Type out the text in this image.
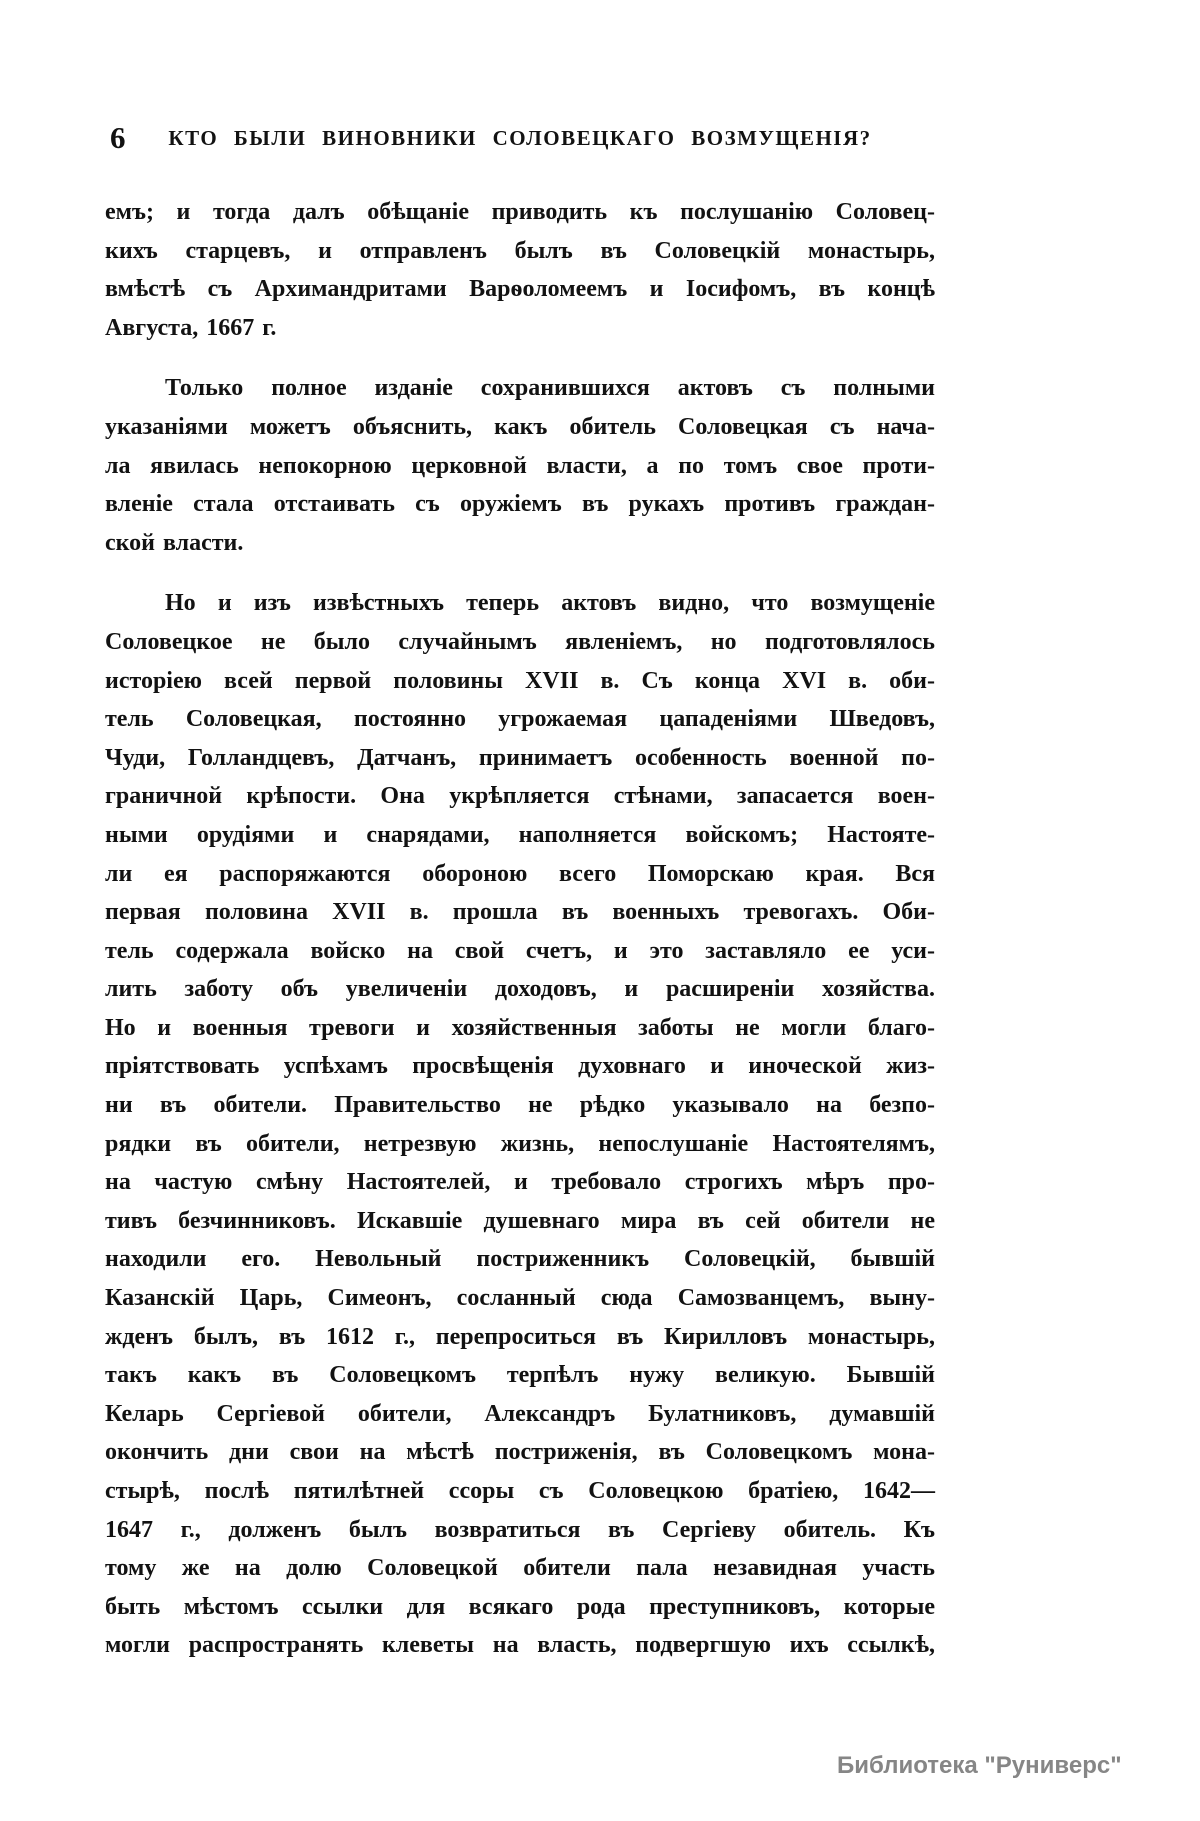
6	КТО БЫЛИ ВИНОВНИКИ СОЛОВЕЦКАГО ВОЗМУЩЕНІЯ?
емъ; и тогда далъ обѣщаніе приводить къ послушанію Соловец-
кихъ старцевъ, и отправленъ былъ въ Соловецкій монастырь,
вмѣстѣ съ Архимандритами Варѳоломеемъ и Іосифомъ, въ концѣ
Августа, 1667 г.
Только полное изданіе сохранившихся актовъ съ полными
указаніями можетъ объяснить, какъ обитель Соловецкая съ нача-
ла явилась непокорною церковной власти, а по томъ свое проти-
вленіе стала отстаивать съ оружіемъ въ рукахъ противъ граждан-
ской власти.
Но и изъ извѣстныхъ теперь актовъ видно, что возмущеніе
Соловецкое не было случайнымъ явленіемъ, но подготовлялось
исторіею всей первой половины XVII в. Съ конца XVI в. оби-
тель Соловецкая, постоянно угрожаемая цападеніями Шведовъ,
Чуди, Голландцевъ, Датчанъ, принимаетъ особенность военной по-
граничной крѣпости. Она укрѣпляется стѣнами, запасается воен-
ными орудіями и снарядами, наполняется войскомъ; Настояте-
ли ея распоряжаются обороною всего Поморскаю края. Вся
первая половина XVII в. прошла въ военныхъ тревогахъ. Оби-
тель содержала войско на свой счетъ, и это заставляло ее уси-
лить заботу объ увеличеніи доходовъ, и расширеніи хозяйства.
Но и военныя тревоги и хозяйственныя заботы не могли благо-
пріятствовать успѣхамъ просвѣщенія духовнаго и иноческой жиз-
ни въ обители. Правительство не рѣдко указывало на безпо-
рядки въ обители, нетрезвую жизнь, непослушаніе Настоятелямъ,
на частую смѣну Настоятелей, и требовало строгихъ мѣръ про-
тивъ безчинниковъ. Искавшіе душевнаго мира въ сей обители не
находили его. Невольный постриженникъ Соловецкій, бывшій
Казанскій Царь, Симеонъ, сосланный сюда Самозванцемъ, выну-
жденъ былъ, въ 1612 г., перепроситься въ Кирилловъ монастырь,
такъ какъ въ Соловецкомъ терпѣлъ нужу великую. Бывшій
Келарь Сергіевой обители, Александръ Булатниковъ, думавшій
окончить дни свои на мѣстѣ постриженія, въ Соловецкомъ мона-
стырѣ, послѣ пятилѣтней ссоры съ Соловецкою братіею, 1642—
1647 г., долженъ былъ возвратиться въ Сергіеву обитель. Къ
тому же на долю Соловецкой обители пала незавидная участь
быть мѣстомъ ссылки для всякаго рода преступниковъ, которые
могли распространять клеветы на власть, подвергшую ихъ ссылкѣ,
Библиотека "Руниверс"
